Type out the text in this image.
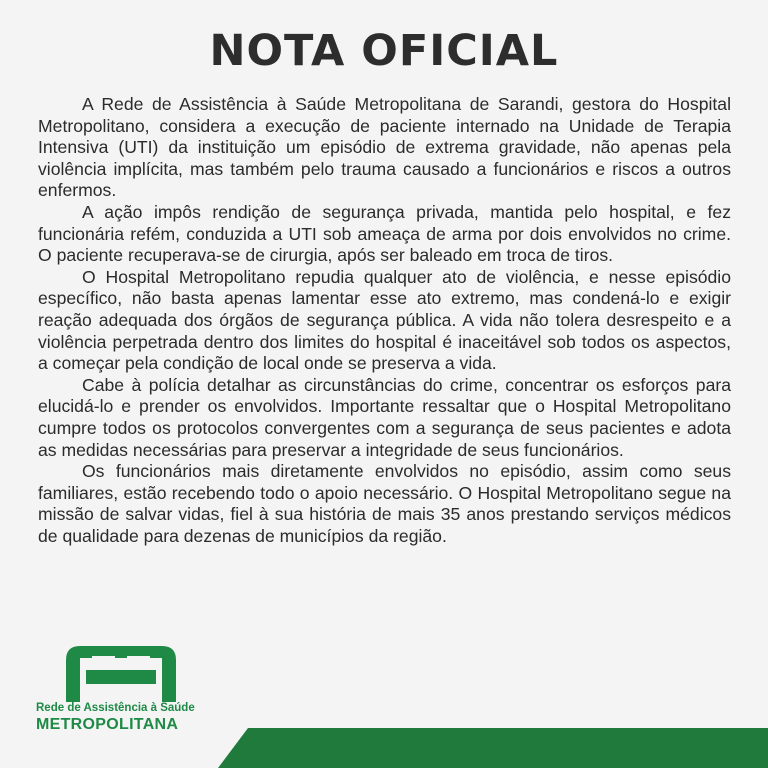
NOTA OFICIAL

A Rede de Assistência à Saúde Metropolitana de Sarandi, gestora do Hospital Metropolitano, considera a execução de paciente internado na Unidade de Terapia Intensiva (UTI) da instituição um episódio de extrema gravidade, não apenas pela violência implícita, mas também pelo trauma causado a funcionários e riscos a outros enfermos.

A ação impôs rendição de segurança privada, mantida pelo hospital, e fez funcionária refém, conduzida a UTI sob ameaça de arma por dois envolvidos no crime. O paciente recuperava-se de cirurgia, após ser baleado em troca de tiros.

O Hospital Metropolitano repudia qualquer ato de violência, e nesse episódio específico, não basta apenas lamentar esse ato extremo, mas condená-lo e exigir reação adequada dos órgãos de segurança pública. A vida não tolera desrespeito e a violência perpetrada dentro dos limites do hospital é inaceitável sob todos os aspectos, a começar pela condição de local onde se preserva a vida.

Cabe à polícia detalhar as circunstâncias do crime, concentrar os esforços para elucidá-lo e prender os envolvidos. Importante ressaltar que o Hospital Metropolitano cumpre todos os protocolos convergentes com a segurança de seus pacientes e adota as medidas necessárias para preservar a integridade de seus funcionários.

Os funcionários mais diretamente envolvidos no episódio, assim como seus familiares, estão recebendo todo o apoio necessário. O Hospital Metropolitano segue na missão de salvar vidas, fiel à sua história de mais 35 anos prestando serviços médicos de qualidade para dezenas de municípios da região.

Rede de Assistência à Saúde
METROPOLITANA
